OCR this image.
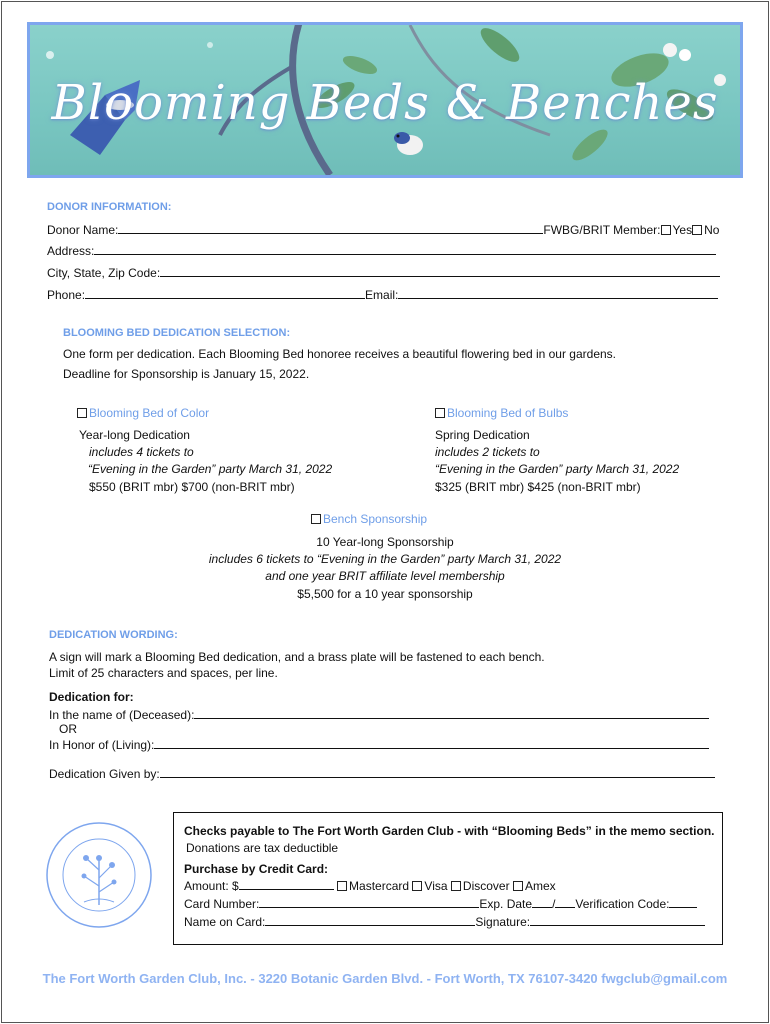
Blooming Beds & Benches
DONOR INFORMATION:
Donor Name:	FWBG/BRIT Member: Yes No
Address:
City, State, Zip Code:
Phone:	Email:
BLOOMING BED DEDICATION SELECTION:
One form per dedication. Each Blooming Bed honoree receives a beautiful flowering bed in our gardens.
Deadline for Sponsorship is January 15, 2022.
Blooming Bed of Color
Year-long Dedication
includes 4 tickets to
“Evening in the Garden” party March 31, 2022
$550 (BRIT mbr) $700 (non-BRIT mbr)
Blooming Bed of Bulbs
Spring Dedication
includes 2 tickets to
“Evening in the Garden” party March 31, 2022
$325 (BRIT mbr) $425 (non-BRIT mbr)
Bench Sponsorship
10 Year-long Sponsorship
includes 6 tickets to “Evening in the Garden” party March 31, 2022
and one year BRIT affiliate level membership
$5,500 for a 10 year sponsorship
DEDICATION WORDING:
A sign will mark a Blooming Bed dedication, and a brass plate will be fastened to each bench.
Limit of 25 characters and spaces, per line.
Dedication for:
In the name of (Deceased):
OR
In Honor of (Living):
Dedication Given by:
Checks payable to The Fort Worth Garden Club - with “Blooming Beds” in the memo section.
Donations are tax deductible
Purchase by Credit Card:
Amount: $	Mastercard Visa Discover Amex
Card Number:	Exp. Date / Verification Code:
Name on Card:	Signature:
The Fort Worth Garden Club, Inc. - 3220 Botanic Garden Blvd. - Fort Worth, TX 76107-3420 fwgclub@gmail.com
